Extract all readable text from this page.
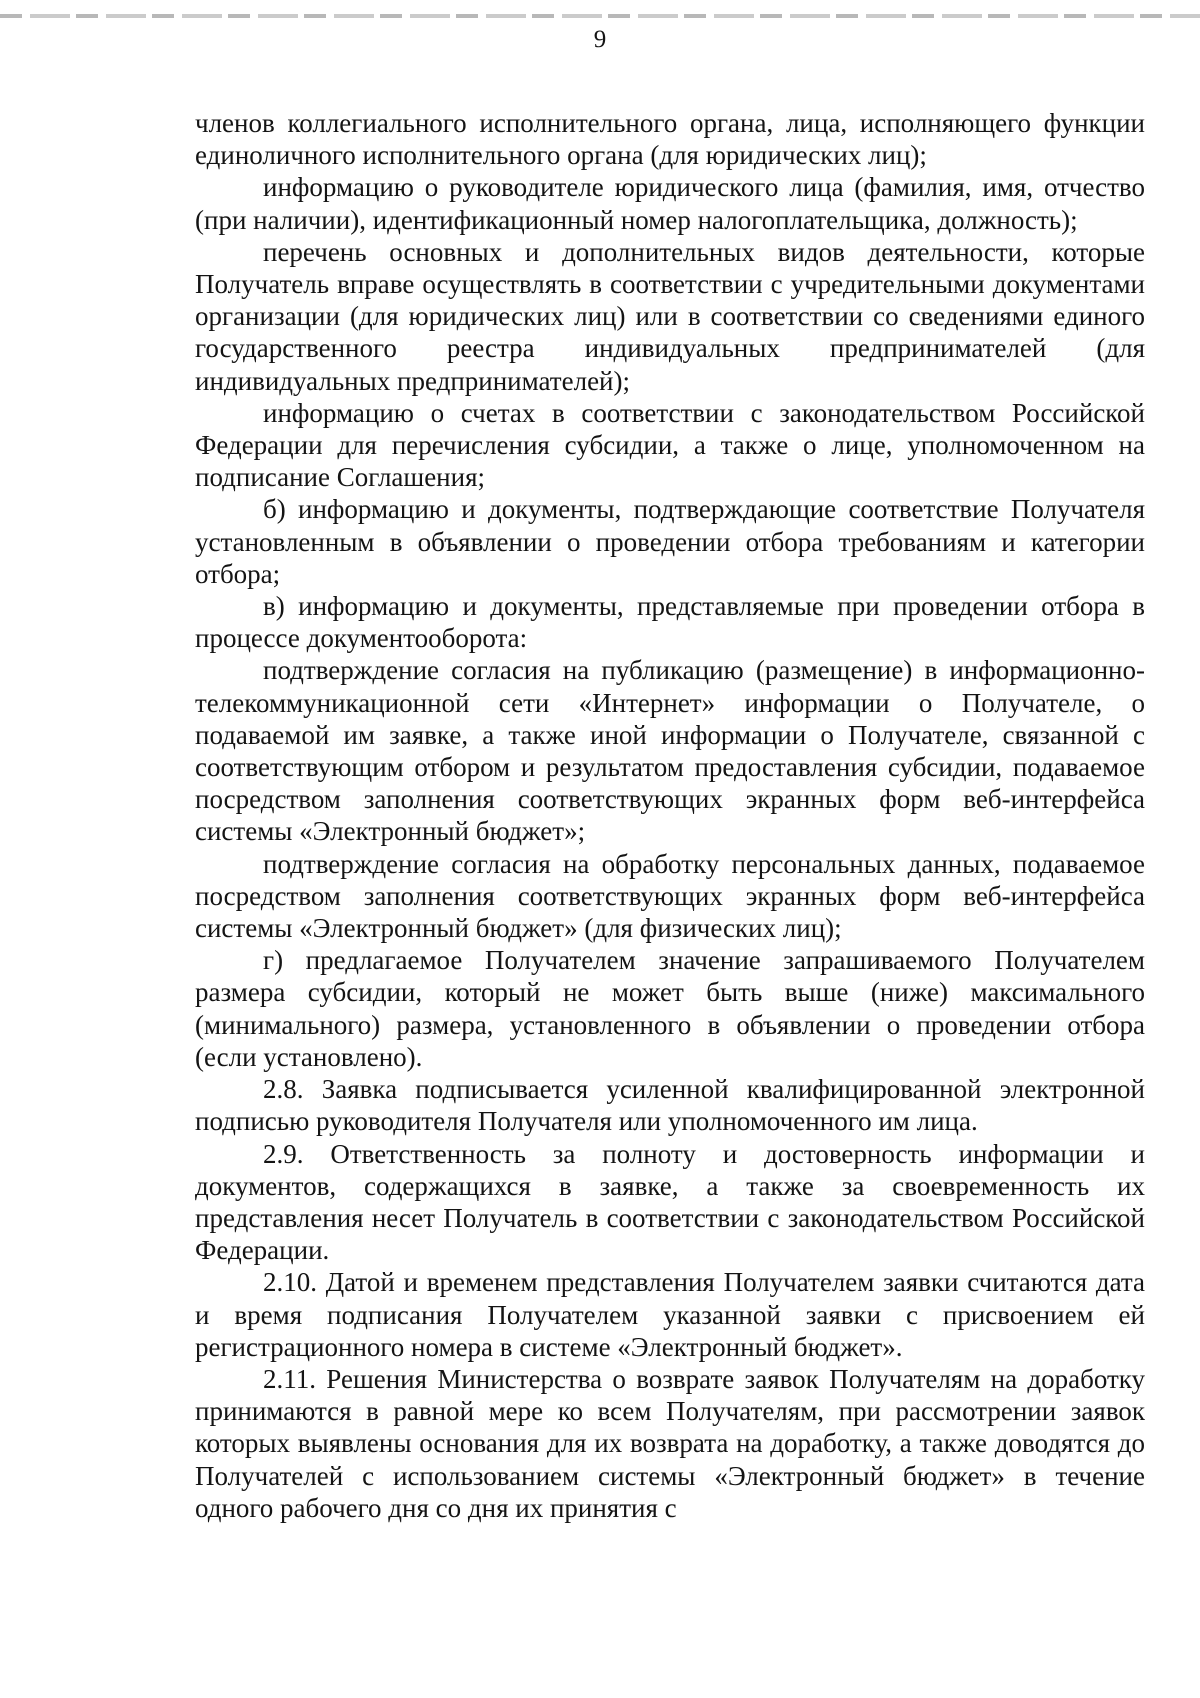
9

членов коллегиального исполнительного органа, лица, исполняющего функции единоличного исполнительного органа (для юридических лиц);

информацию о руководителе юридического лица (фамилия, имя, отчество (при наличии), идентификационный номер налогоплательщика, должность);

перечень основных и дополнительных видов деятельности, которые Получатель вправе осуществлять в соответствии с учредительными документами организации (для юридических лиц) или в соответствии со сведениями единого государственного реестра индивидуальных предпринимателей (для индивидуальных предпринимателей);

информацию о счетах в соответствии с законодательством Российской Федерации для перечисления субсидии, а также о лице, уполномоченном на подписание Соглашения;

б) информацию и документы, подтверждающие соответствие Получателя установленным в объявлении о проведении отбора требованиям и категории отбора;

в) информацию и документы, представляемые при проведении отбора в процессе документооборота:

подтверждение согласия на публикацию (размещение) в информационно-телекоммуникационной сети «Интернет» информации о Получателе, о подаваемой им заявке, а также иной информации о Получателе, связанной с соответствующим отбором и результатом предоставления субсидии, подаваемое посредством заполнения соответствующих экранных форм веб-интерфейса системы «Электронный бюджет»;

подтверждение согласия на обработку персональных данных, подаваемое посредством заполнения соответствующих экранных форм веб-интерфейса системы «Электронный бюджет» (для физических лиц);

г) предлагаемое Получателем значение запрашиваемого Получателем размера субсидии, который не может быть выше (ниже) максимального (минимального) размера, установленного в объявлении о проведении отбора (если установлено).

2.8. Заявка подписывается усиленной квалифицированной электронной подписью руководителя Получателя или уполномоченного им лица.

2.9. Ответственность за полноту и достоверность информации и документов, содержащихся в заявке, а также за своевременность их представления несет Получатель в соответствии с законодательством Российской Федерации.

2.10. Датой и временем представления Получателем заявки считаются дата и время подписания Получателем указанной заявки с присвоением ей регистрационного номера в системе «Электронный бюджет».

2.11. Решения Министерства о возврате заявок Получателям на доработку принимаются в равной мере ко всем Получателям, при рассмотрении заявок которых выявлены основания для их возврата на доработку, а также доводятся до Получателей с использованием системы «Электронный бюджет» в течение одного рабочего дня со дня их принятия с
